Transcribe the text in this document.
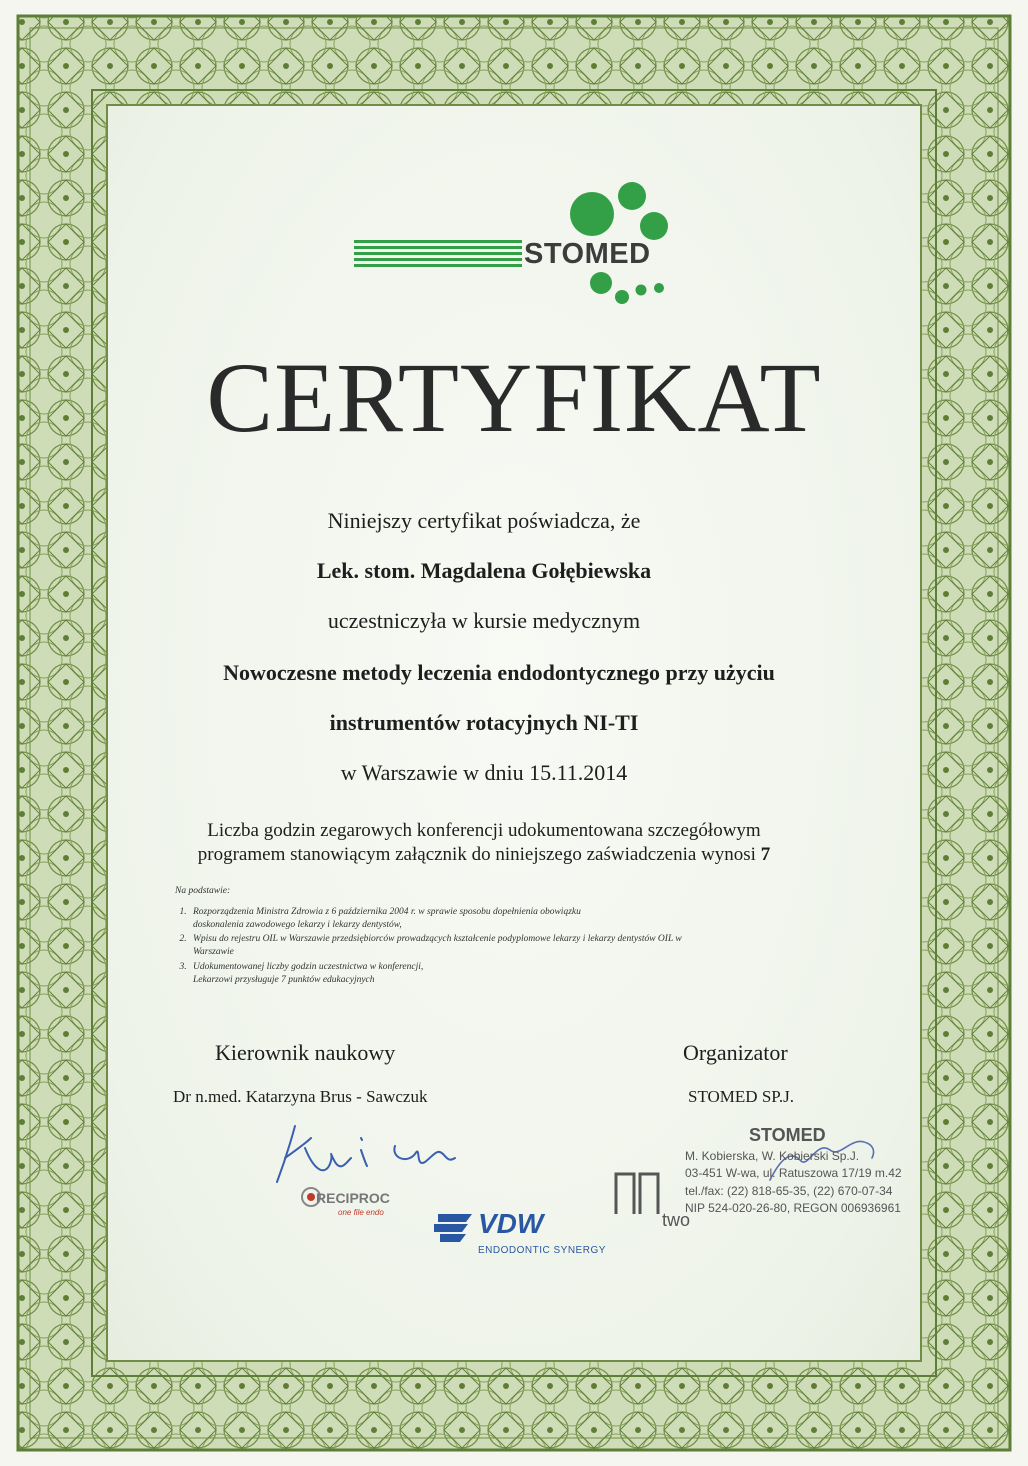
STOMED
CERTYFIKAT
Niniejszy certyfikat poświadcza, że
Lek. stom. Magdalena Gołębiewska
uczestniczyła w kursie medycznym
Nowoczesne metody leczenia endodontycznego przy użyciu
instrumentów rotacyjnych NI-TI
w Warszawie w dniu 15.11.2014
Liczba godzin zegarowych konferencji udokumentowana szczegółowym
programem stanowiącym załącznik do niniejszego zaświadczenia wynosi 7
Na podstawie:
1. Rozporządzenia Ministra Zdrowia z 6 października 2004 r. w sprawie sposobu dopełnienia obowiązku
doskonalenia zawodowego lekarzy i lekarzy dentystów,
2. Wpisu do rejestru OIL w Warszawie przedsiębiorców prowadzących kształcenie podyplomowe lekarzy i lekarzy dentystów OIL w
Warszawie
3. Udokumentowanej liczby godzin uczestnictwa w konferencji,
Lekarzowi przysługuje 7 punktów edukacyjnych
Kierownik naukowy
Dr n.med. Katarzyna Brus - Sawczuk
Organizator
STOMED SP.J.
STOMED
M. Kobierska, W. Kobierski Sp.J.
03-451 W-wa, ul. Ratuszowa 17/19 m.42
tel./fax: (22) 818-65-35, (22) 670-07-34
NIP 524-020-26-80, REGON 006936961
RECIPROC
one file endo	VDW
ENDODONTIC SYNERGY
two
